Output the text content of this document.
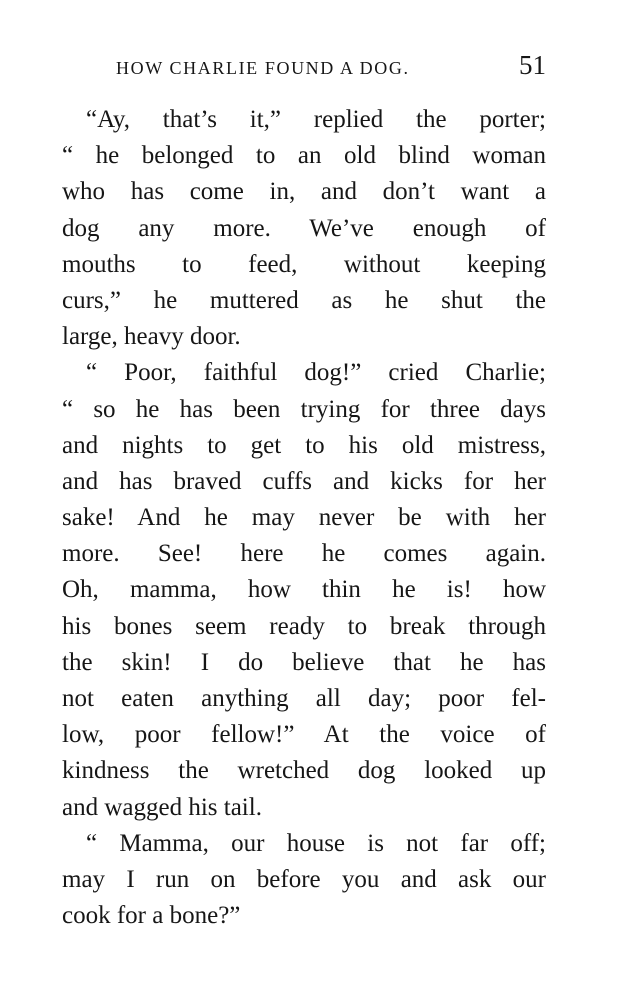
HOW CHARLIE FOUND A DOG.	51
“Ay, that’s it,” replied the porter;
“ he belonged to an old blind woman
who has come in, and don’t want a
dog any more. We’ve enough of
mouths to feed, without keeping
curs,” he muttered as he shut the
large, heavy door.
“ Poor, faithful dog!” cried Charlie;
“ so he has been trying for three days
and nights to get to his old mistress,
and has braved cuffs and kicks for her
sake! And he may never be with her
more. See! here he comes again.
Oh, mamma, how thin he is! how
his bones seem ready to break through
the skin! I do believe that he has
not eaten anything all day; poor fel-
low, poor fellow!” At the voice of
kindness the wretched dog looked up
and wagged his tail.
“ Mamma, our house is not far off;
may I run on before you and ask our
cook for a bone?”
